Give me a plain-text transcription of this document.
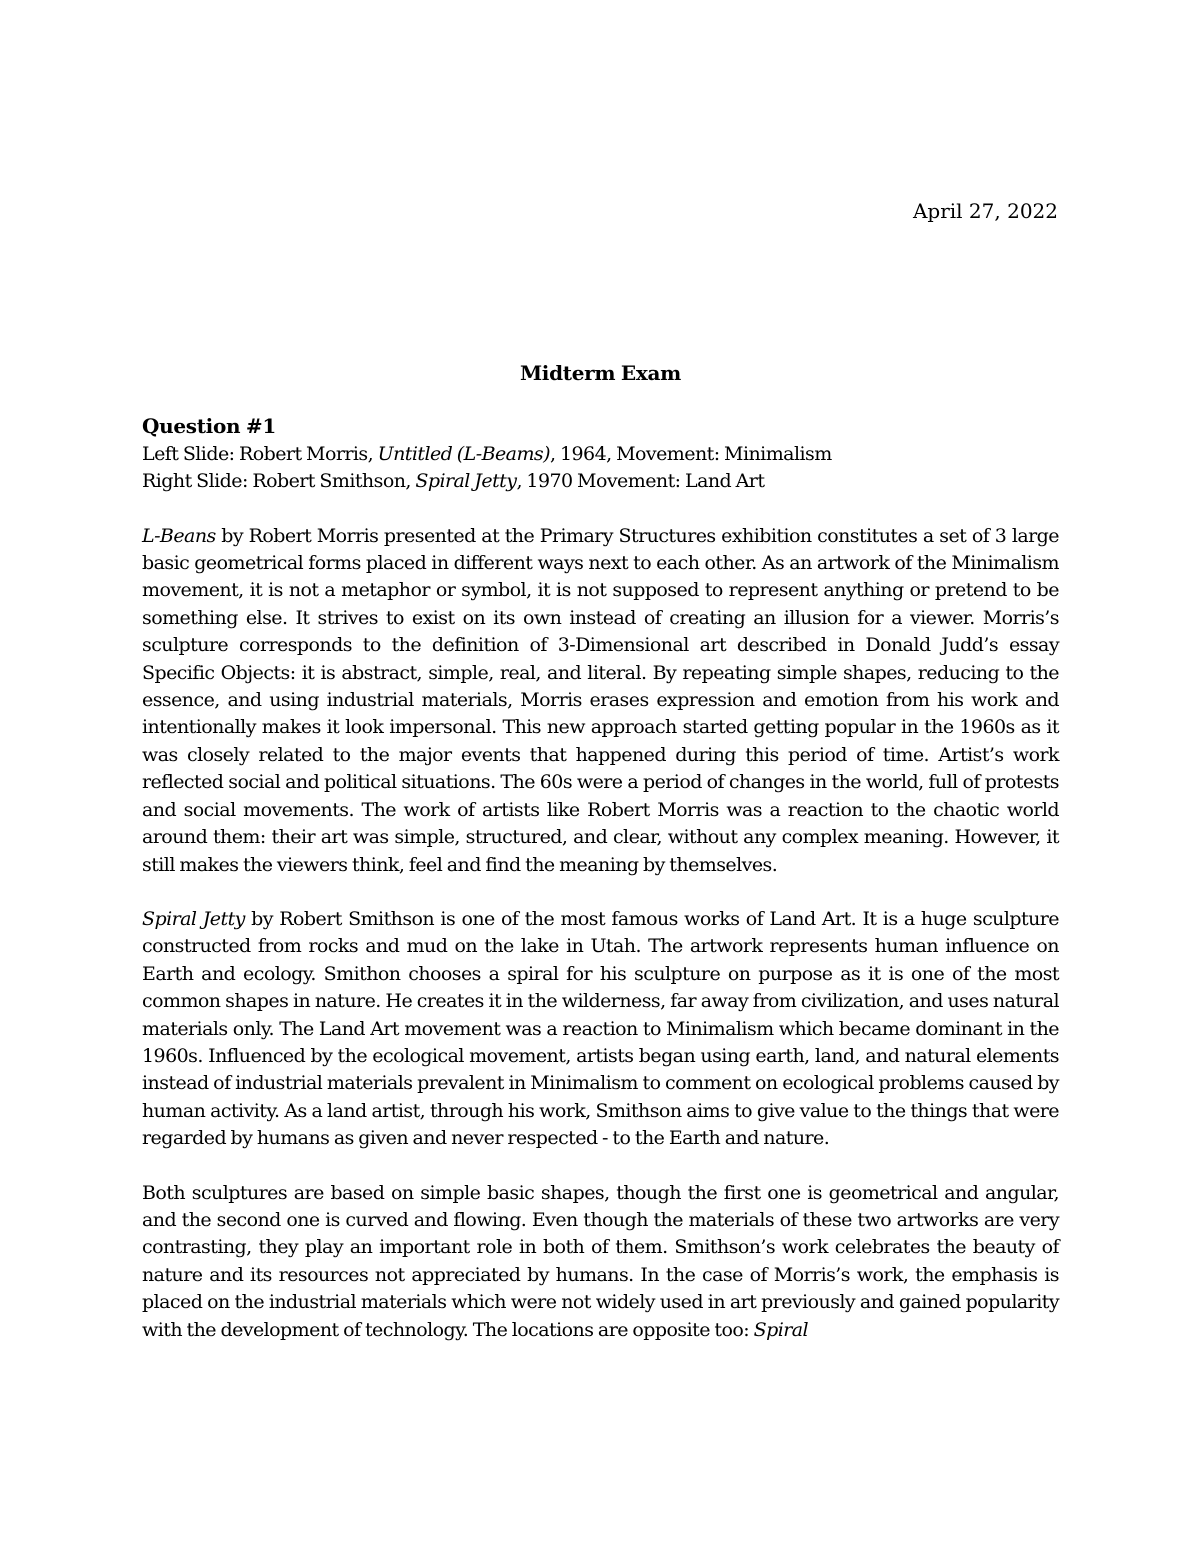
April 27, 2022

Midterm Exam

Question #1

Left Slide: Robert Morris, Untitled (L-Beams), 1964, Movement: Minimalism

Right Slide: Robert Smithson, Spiral Jetty, 1970 Movement: Land Art

L-Beans by Robert Morris presented at the Primary Structures exhibition constitutes a set of 3 large basic geometrical forms placed in different ways next to each other. As an artwork of the Minimalism movement, it is not a metaphor or symbol, it is not supposed to represent anything or pretend to be something else. It strives to exist on its own instead of creating an illusion for a viewer. Morris’s sculpture corresponds to the definition of 3-Dimensional art described in Donald Judd’s essay Specific Objects: it is abstract, simple, real, and literal. By repeating simple shapes, reducing to the essence, and using industrial materials, Morris erases expression and emotion from his work and intentionally makes it look impersonal. This new approach started getting popular in the 1960s as it was closely related to the major events that happened during this period of time. Artist’s work reflected social and political situations. The 60s were a period of changes in the world, full of protests and social movements. The work of artists like Robert Morris was a reaction to the chaotic world around them: their art was simple, structured, and clear, without any complex meaning. However, it still makes the viewers think, feel and find the meaning by themselves.

Spiral Jetty by Robert Smithson is one of the most famous works of Land Art. It is a huge sculpture constructed from rocks and mud on the lake in Utah. The artwork represents human influence on Earth and ecology. Smithon chooses a spiral for his sculpture on purpose as it is one of the most common shapes in nature. He creates it in the wilderness, far away from civilization, and uses natural materials only. The Land Art movement was a reaction to Minimalism which became dominant in the 1960s. Influenced by the ecological movement, artists began using earth, land, and natural elements instead of industrial materials prevalent in Minimalism to comment on ecological problems caused by human activity. As a land artist, through his work, Smithson aims to give value to the things that were regarded by humans as given and never respected - to the Earth and nature.

Both sculptures are based on simple basic shapes, though the first one is geometrical and angular, and the second one is curved and flowing. Even though the materials of these two artworks are very contrasting, they play an important role in both of them. Smithson’s work celebrates the beauty of nature and its resources not appreciated by humans. In the case of Morris’s work, the emphasis is placed on the industrial materials which were not widely used in art previously and gained popularity with the development of technology. The locations are opposite too: Spiral
